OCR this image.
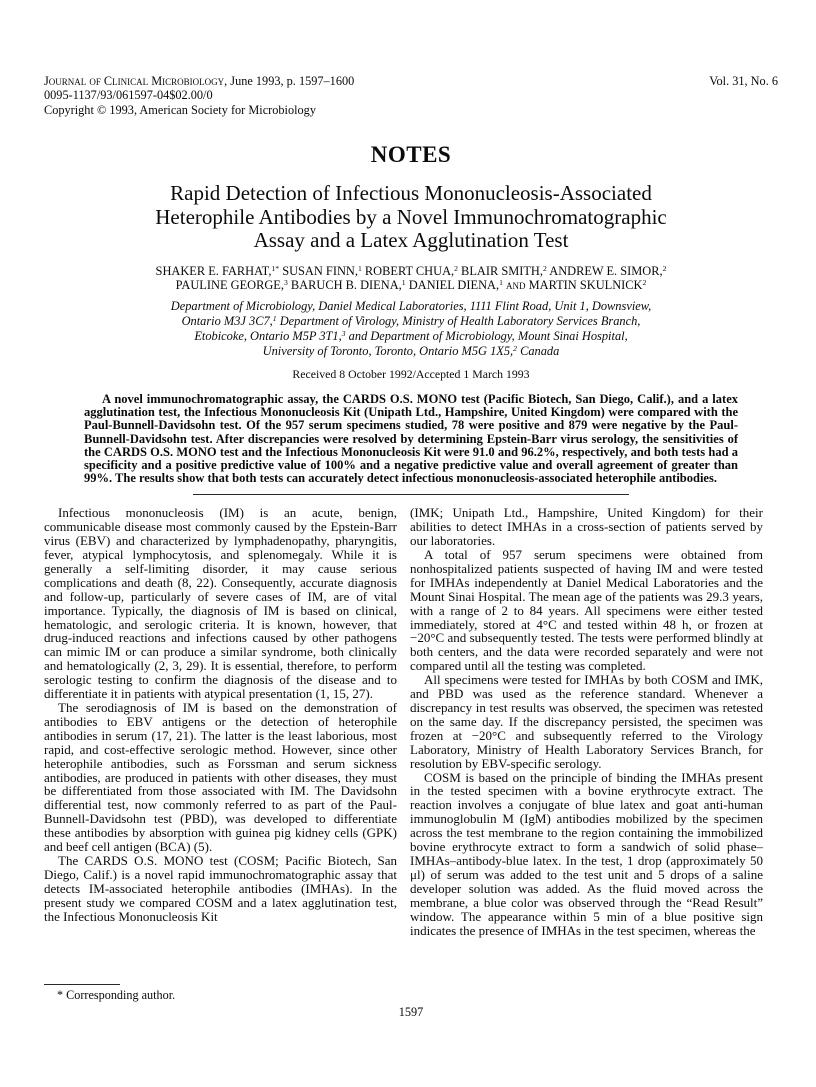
Journal of Clinical Microbiology, June 1993, p. 1597–1600
0095-1137/93/061597-04$02.00/0
Copyright © 1993, American Society for Microbiology
Vol. 31, No. 6
NOTES
Rapid Detection of Infectious Mononucleosis-Associated
Heterophile Antibodies by a Novel Immunochromatographic
Assay and a Latex Agglutination Test
SHAKER E. FARHAT,$^{1*}$ SUSAN FINN,$^1$ ROBERT CHUA,$^2$ BLAIR SMITH,$^2$ ANDREW E. SIMOR,$^2$
PAULINE GEORGE,$^3$ BARUCH B. DIENA,$^1$ DANIEL DIENA,$^1$ and MARTIN SKULNICK$^2$
Department of Microbiology, Daniel Medical Laboratories, 1111 Flint Road, Unit 1, Downsview,
Ontario M3J 3C7,$^1$ Department of Virology, Ministry of Health Laboratory Services Branch,
Etobicoke, Ontario M5P 3T1,$^3$ and Department of Microbiology, Mount Sinai Hospital,
University of Toronto, Toronto, Ontario M5G 1X5,$^2$ Canada
Received 8 October 1992/Accepted 1 March 1993
A novel immunochromatographic assay, the CARDS O.S. MONO test (Pacific Biotech, San Diego, Calif.), and a latex agglutination test, the Infectious Mononucleosis Kit (Unipath Ltd., Hampshire, United Kingdom) were compared with the Paul-Bunnell-Davidsohn test. Of the 957 serum specimens studied, 78 were positive and 879 were negative by the Paul-Bunnell-Davidsohn test. After discrepancies were resolved by determining Epstein-Barr virus serology, the sensitivities of the CARDS O.S. MONO test and the Infectious Mononucleosis Kit were 91.0 and 96.2%, respectively, and both tests had a specificity and a positive predictive value of 100% and a negative predictive value and overall agreement of greater than 99%. The results show that both tests can accurately detect infectious mononucleosis-associated heterophile antibodies.

Infectious mononucleosis (IM) is an acute, benign, communicable disease most commonly caused by the Epstein-Barr virus (EBV) and characterized by lymphadenopathy, pharyngitis, fever, atypical lymphocytosis, and splenomegaly. While it is generally a self-limiting disorder, it may cause serious complications and death (8, 22). Consequently, accurate diagnosis and follow-up, particularly of severe cases of IM, are of vital importance. Typically, the diagnosis of IM is based on clinical, hematologic, and serologic criteria. It is known, however, that drug-induced reactions and infections caused by other pathogens can mimic IM or can produce a similar syndrome, both clinically and hematologically (2, 3, 29). It is essential, therefore, to perform serologic testing to confirm the diagnosis of the disease and to differentiate it in patients with atypical presentation (1, 15, 27).

The serodiagnosis of IM is based on the demonstration of antibodies to EBV antigens or the detection of heterophile antibodies in serum (17, 21). The latter is the least laborious, most rapid, and cost-effective serologic method. However, since other heterophile antibodies, such as Forssman and serum sickness antibodies, are produced in patients with other diseases, they must be differentiated from those associated with IM. The Davidsohn differential test, now commonly referred to as part of the Paul-Bunnell-Davidsohn test (PBD), was developed to differentiate these antibodies by absorption with guinea pig kidney cells (GPK) and beef cell antigen (BCA) (5).

The CARDS O.S. MONO test (COSM; Pacific Biotech, San Diego, Calif.) is a novel rapid immunochromatographic assay that detects IM-associated heterophile antibodies (IMHAs). In the present study we compared COSM and a latex agglutination test, the Infectious Mononucleosis Kit

* Corresponding author.

(IMK; Unipath Ltd., Hampshire, United Kingdom) for their abilities to detect IMHAs in a cross-section of patients served by our laboratories.

A total of 957 serum specimens were obtained from nonhospitalized patients suspected of having IM and were tested for IMHAs independently at Daniel Medical Laboratories and the Mount Sinai Hospital. The mean age of the patients was 29.3 years, with a range of 2 to 84 years. All specimens were either tested immediately, stored at 4°C and tested within 48 h, or frozen at −20°C and subsequently tested. The tests were performed blindly at both centers, and the data were recorded separately and were not compared until all the testing was completed.

All specimens were tested for IMHAs by both COSM and IMK, and PBD was used as the reference standard. Whenever a discrepancy in test results was observed, the specimen was retested on the same day. If the discrepancy persisted, the specimen was frozen at −20°C and subsequently referred to the Virology Laboratory, Ministry of Health Laboratory Services Branch, for resolution by EBV-specific serology.

COSM is based on the principle of binding the IMHAs present in the tested specimen with a bovine erythrocyte extract. The reaction involves a conjugate of blue latex and goat anti-human immunoglobulin M (IgM) antibodies mobilized by the specimen across the test membrane to the region containing the immobilized bovine erythrocyte extract to form a sandwich of solid phase–IMHAs–antibody-blue latex. In the test, 1 drop (approximately 50 μl) of serum was added to the test unit and 5 drops of a saline developer solution was added. As the fluid moved across the membrane, a blue color was observed through the “Read Result” window. The appearance within 5 min of a blue positive sign indicates the presence of IMHAs in the test specimen, whereas the

1597
